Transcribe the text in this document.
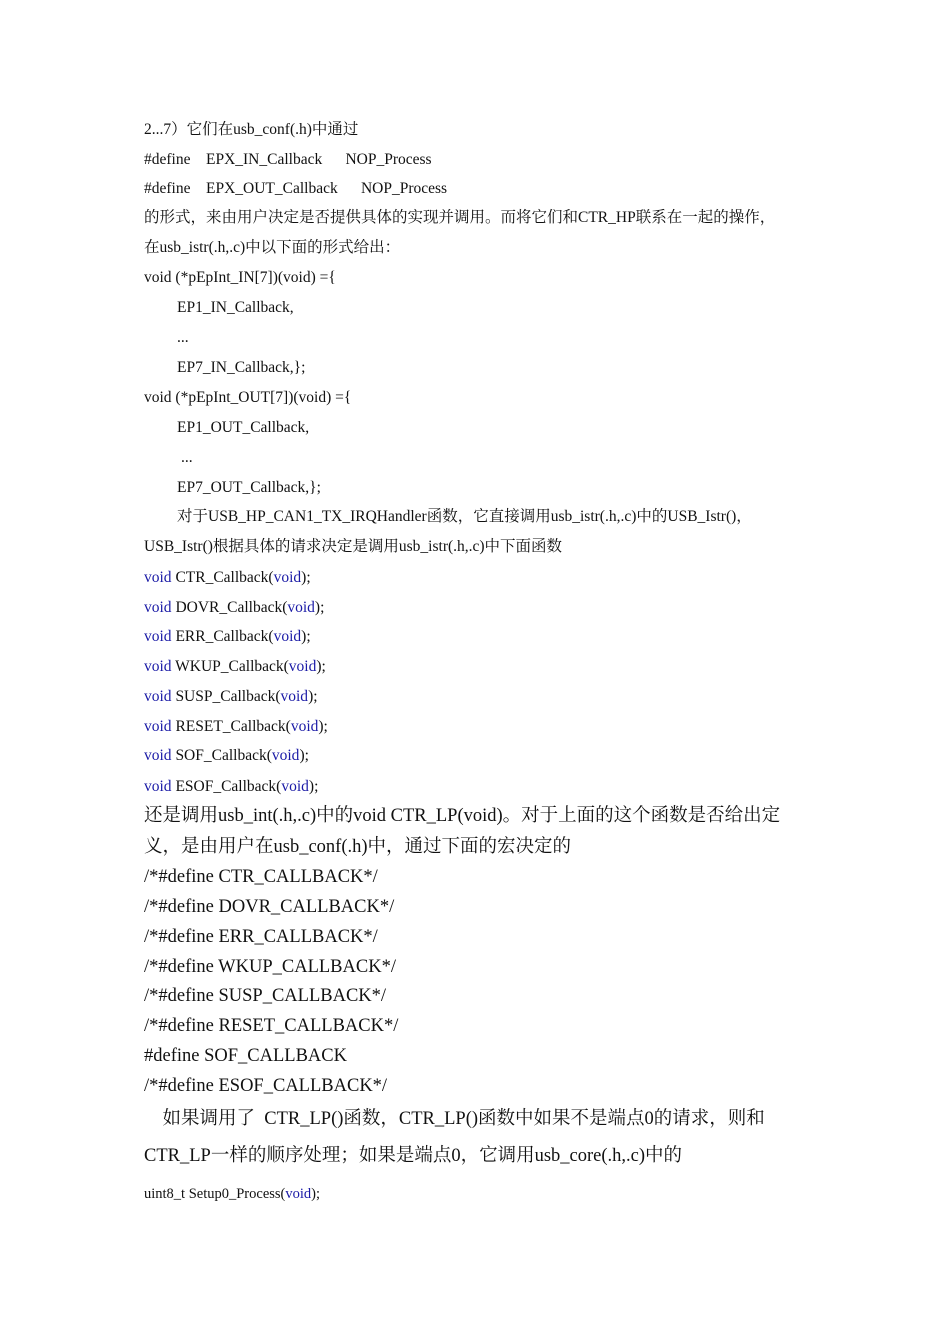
2...7）它们在usb_conf(.h)中通过
#define    EPX_IN_Callback      NOP_Process
#define    EPX_OUT_Callback      NOP_Process
的形式，来由用户决定是否提供具体的实现并调用。而将它们和CTR_HP联系在一起的操作，
在usb_istr(.h,.c)中以下面的形式给出：
void (*pEpInt_IN[7])(void) ={
EP1_IN_Callback,
...
EP7_IN_Callback,};
void (*pEpInt_OUT[7])(void) ={
EP1_OUT_Callback,
...
EP7_OUT_Callback,};
对于USB_HP_CAN1_TX_IRQHandler函数，它直接调用usb_istr(.h,.c)中的USB_Istr()，
USB_Istr()根据具体的请求决定是调用usb_istr(.h,.c)中下面函数
void CTR_Callback(void);
void DOVR_Callback(void);
void ERR_Callback(void);
void WKUP_Callback(void);
void SUSP_Callback(void);
void RESET_Callback(void);
void SOF_Callback(void);
void ESOF_Callback(void);
还是调用usb_int(.h,.c)中的void CTR_LP(void)。对于上面的这个函数是否给出定
义，是由用户在usb_conf(.h)中，通过下面的宏决定的
/*#define CTR_CALLBACK*/
/*#define DOVR_CALLBACK*/
/*#define ERR_CALLBACK*/
/*#define WKUP_CALLBACK*/
/*#define SUSP_CALLBACK*/
/*#define RESET_CALLBACK*/
#define SOF_CALLBACK
/*#define ESOF_CALLBACK*/
如果调用了  CTR_LP()函数，CTR_LP()函数中如果不是端点0的请求，则和
CTR_LP一样的顺序处理；如果是端点0，它调用usb_core(.h,.c)中的
uint8_t Setup0_Process(void);
